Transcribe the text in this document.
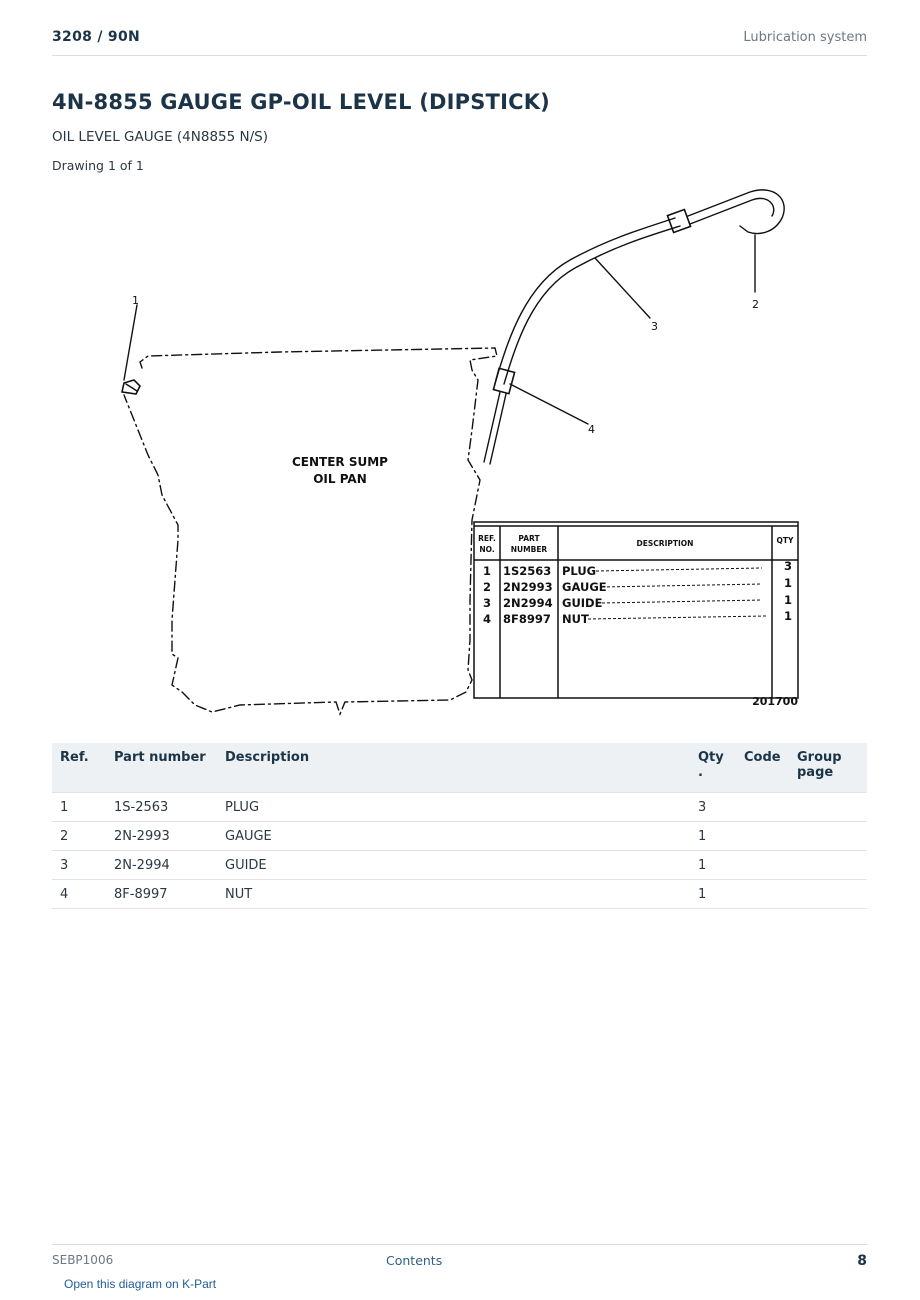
3208 / 90N	Lubrication system
4N-8855 GAUGE GP-OIL LEVEL (DIPSTICK)
OIL LEVEL GAUGE (4N8855 N/S)
Drawing 1 of 1
1	2
3
4
CENTER SUMP
OIL PAN
REF.
NO.
PART
NUMBER
DESCRIPTION	QTY
1 1S2563 PLUG	3
2 2N2993 GAUGE	1
3 2N2994 GUIDE	1
4 8F8997 NUT	1
201700
Ref.	Part number	Description	Qty .	Code	Group page
1	1S-2563	PLUG	3		
2	2N-2993	GAUGE	1		
3	2N-2994	GUIDE	1		
4	8F-8997	NUT	1		
SEBP1006	Contents	8
Open this diagram on K-Part
